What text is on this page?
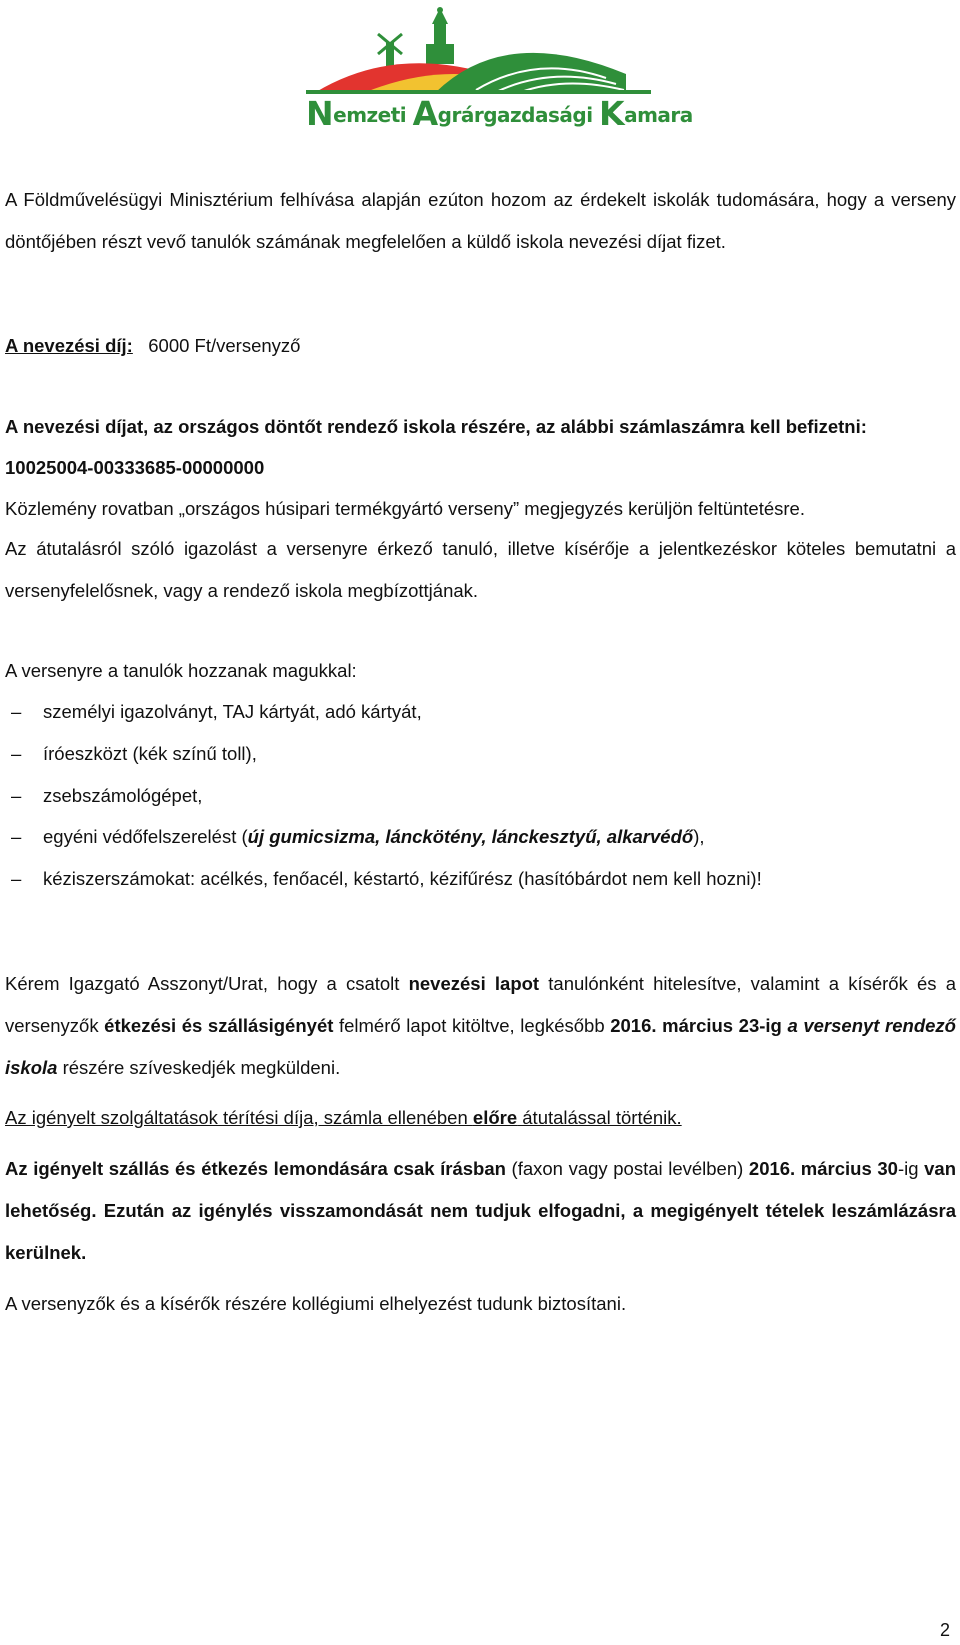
Nemzeti Agrárgazdasági Kamara

A Földművelésügyi Minisztérium felhívása alapján ezúton hozom az érdekelt iskolák tudomására, hogy a verseny döntőjében részt vevő tanulók számának megfelelően a küldő iskola nevezési díjat fizet.

A nevezési díj: 6000 Ft/versenyző

A nevezési díjat, az országos döntőt rendező iskola részére, az alábbi számlaszámra kell befizetni:

10025004-00333685-00000000

Közlemény rovatban „országos húsipari termékgyártó verseny” megjegyzés kerüljön feltüntetésre.

Az átutalásról szóló igazolást a versenyre érkező tanuló, illetve kísérője a jelentkezéskor köteles bemutatni a versenyfelelősnek, vagy a rendező iskola megbízottjának.

A versenyre a tanulók hozzanak magukkal:

– személyi igazolványt, TAJ kártyát, adó kártyát,
– íróeszközt (kék színű toll),
– zsebszámológépet,
– egyéni védőfelszerelést (új gumicsizma, lánckötény, lánckesztyű, alkarvédő),
– kéziszerszámokat: acélkés, fenőacél, késtartó, kézifűrész (hasítóbárdot nem kell hozni)!

Kérem Igazgató Asszonyt/Urat, hogy a csatolt nevezési lapot tanulónként hitelesítve, valamint a kísérők és a versenyzők étkezési és szállásigényét felmérő lapot kitöltve, legkésőbb 2016. március 23-ig a versenyt rendező iskola részére szíveskedjék megküldeni.

Az igényelt szolgáltatások térítési díja, számla ellenében előre átutalással történik.

Az igényelt szállás és étkezés lemondására csak írásban (faxon vagy postai levélben) 2016. március 30-ig van lehetőség. Ezután az igénylés visszamondását nem tudjuk elfogadni, a megigényelt tételek leszámlázásra kerülnek.

A versenyzők és a kísérők részére kollégiumi elhelyezést tudunk biztosítani.

2
